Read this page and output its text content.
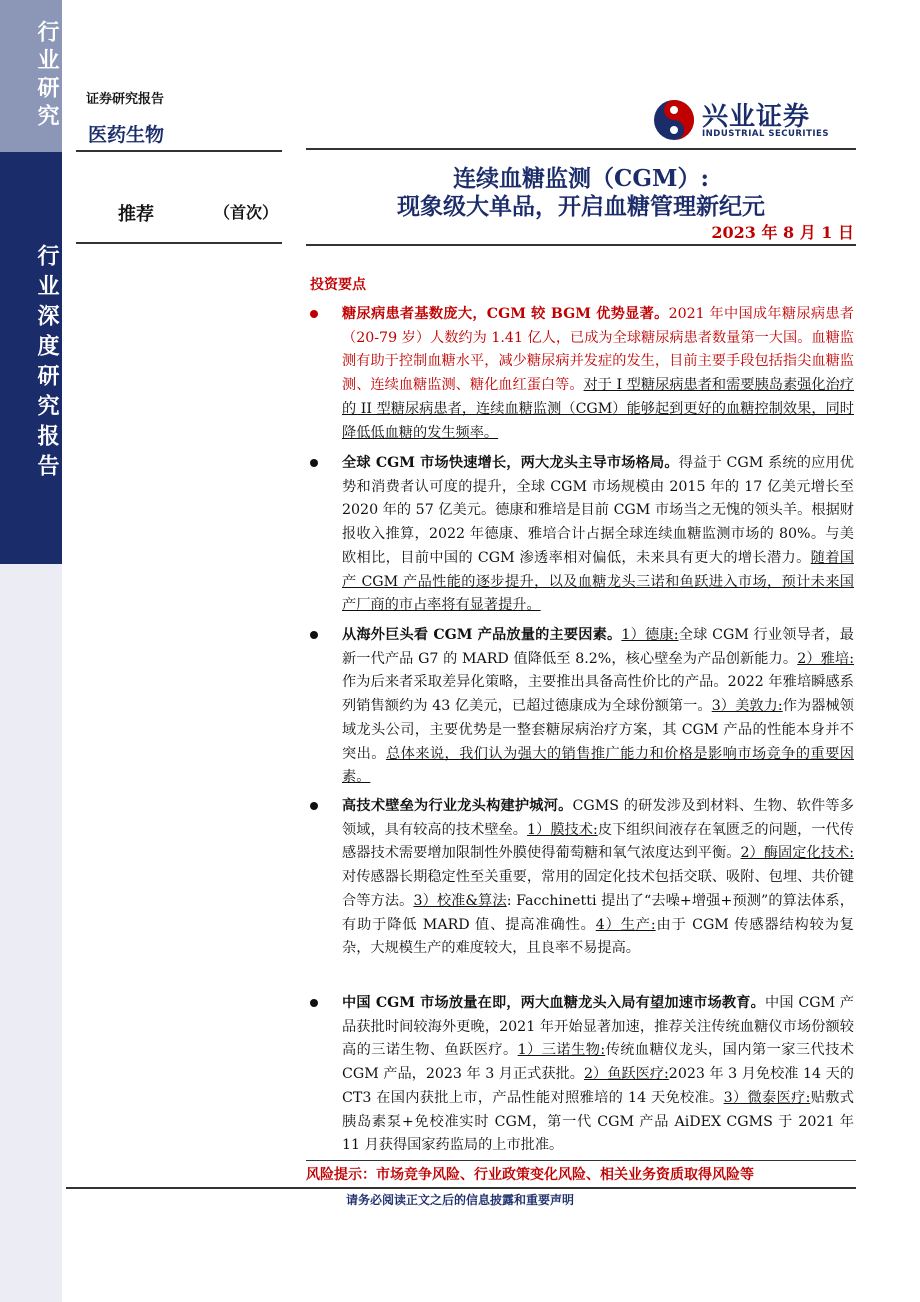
行业研究
行业深度研究报告
证券研究报告
医药生物
推荐	（首次）
兴业证券
INDUSTRIAL SECURITIES
连续血糖监测（CGM）:
现象级大单品，开启血糖管理新纪元
2023 年 8 月 1 日
投资要点
糖尿病患者基数庞大，CGM 较 BGM 优势显著。2021 年中国成年糖尿病患者（20-79 岁）人数约为 1.41 亿人，已成为全球糖尿病患者数量第一大国。血糖监测有助于控制血糖水平，减少糖尿病并发症的发生，目前主要手段包括指尖血糖监测、连续血糖监测、糖化血红蛋白等。对于 I 型糖尿病患者和需要胰岛素强化治疗的 II 型糖尿病患者，连续血糖监测（CGM）能够起到更好的血糖控制效果，同时降低低血糖的发生频率。
全球 CGM 市场快速增长，两大龙头主导市场格局。得益于 CGM 系统的应用优势和消费者认可度的提升，全球 CGM 市场规模由 2015 年的 17 亿美元增长至 2020 年的 57 亿美元。德康和雅培是目前 CGM 市场当之无愧的领头羊。根据财报收入推算，2022 年德康、雅培合计占据全球连续血糖监测市场的 80%。与美欧相比，目前中国的 CGM 渗透率相对偏低，未来具有更大的增长潜力。随着国产 CGM 产品性能的逐步提升，以及血糖龙头三诺和鱼跃进入市场，预计未来国产厂商的市占率将有显著提升。
从海外巨头看 CGM 产品放量的主要因素。1）德康:全球 CGM 行业领导者，最新一代产品 G7 的 MARD 值降低至 8.2%，核心壁垒为产品创新能力。2）雅培:作为后来者采取差异化策略，主要推出具备高性价比的产品。2022 年雅培瞬感系列销售额约为 43 亿美元，已超过德康成为全球份额第一。3）美敦力:作为器械领域龙头公司，主要优势是一整套糖尿病治疗方案，其 CGM 产品的性能本身并不突出。总体来说，我们认为强大的销售推广能力和价格是影响市场竞争的重要因素。
高技术壁垒为行业龙头构建护城河。CGMS 的研发涉及到材料、生物、软件等多领域，具有较高的技术壁垒。1）膜技术:皮下组织间液存在氧匮乏的问题，一代传感器技术需要增加限制性外膜使得葡萄糖和氧气浓度达到平衡。2）酶固定化技术:对传感器长期稳定性至关重要，常用的固定化技术包括交联、吸附、包埋、共价键合等方法。3）校准&算法: Facchinetti 提出了“去噪+增强+预测”的算法体系，有助于降低 MARD 值、提高准确性。4）生产:由于 CGM 传感器结构较为复杂，大规模生产的难度较大，且良率不易提高。
中国 CGM 市场放量在即，两大血糖龙头入局有望加速市场教育。中国 CGM 产品获批时间较海外更晚，2021 年开始显著加速，推荐关注传统血糖仪市场份额较高的三诺生物、鱼跃医疗。1）三诺生物:传统血糖仪龙头，国内第一家三代技术 CGM 产品，2023 年 3 月正式获批。2）鱼跃医疗:2023 年 3 月免校准 14 天的 CT3 在国内获批上市，产品性能对照雅培的 14 天免校准。3）微泰医疗:贴敷式胰岛素泵+免校准实时 CGM，第一代 CGM 产品 AiDEX CGMS 于 2021 年 11 月获得国家药监局的上市批准。
风险提示：市场竞争风险、行业政策变化风险、相关业务资质取得风险等
请务必阅读正文之后的信息披露和重要声明
